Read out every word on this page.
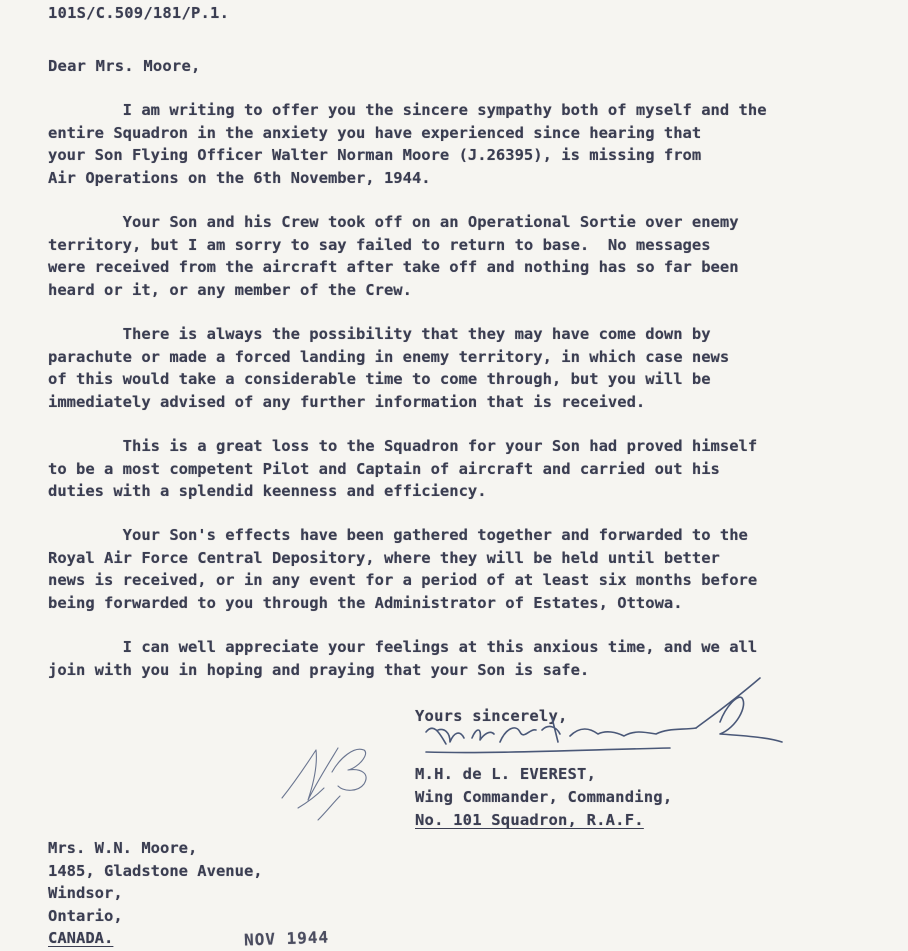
101S/C.509/181/P.1.
Dear Mrs. Moore,
I am writing to offer you the sincere sympathy both of myself and the
entire Squadron in the anxiety you have experienced since hearing that
your Son Flying Officer Walter Norman Moore (J.26395), is missing from
Air Operations on the 6th November, 1944.
Your Son and his Crew took off on an Operational Sortie over enemy
territory, but I am sorry to say failed to return to base.  No messages
were received from the aircraft after take off and nothing has so far been
heard or it, or any member of the Crew.
There is always the possibility that they may have come down by
parachute or made a forced landing in enemy territory, in which case news
of this would take a considerable time to come through, but you will be
immediately advised of any further information that is received.
This is a great loss to the Squadron for your Son had proved himself
to be a most competent Pilot and Captain of aircraft and carried out his
duties with a splendid keenness and efficiency.
Your Son's effects have been gathered together and forwarded to the
Royal Air Force Central Depository, where they will be held until better
news is received, or in any event for a period of at least six months before
being forwarded to you through the Administrator of Estates, Ottowa.
I can well appreciate your feelings at this anxious time, and we all
join with you in hoping and praying that your Son is safe.
Yours sincerely,
M.H. de L. EVEREST,
Wing Commander, Commanding,
No. 101 Squadron, R.A.F.
Mrs. W.N. Moore,
1485, Gladstone Avenue,
Windsor,
Ontario,
CANADA.	NOV 1944
